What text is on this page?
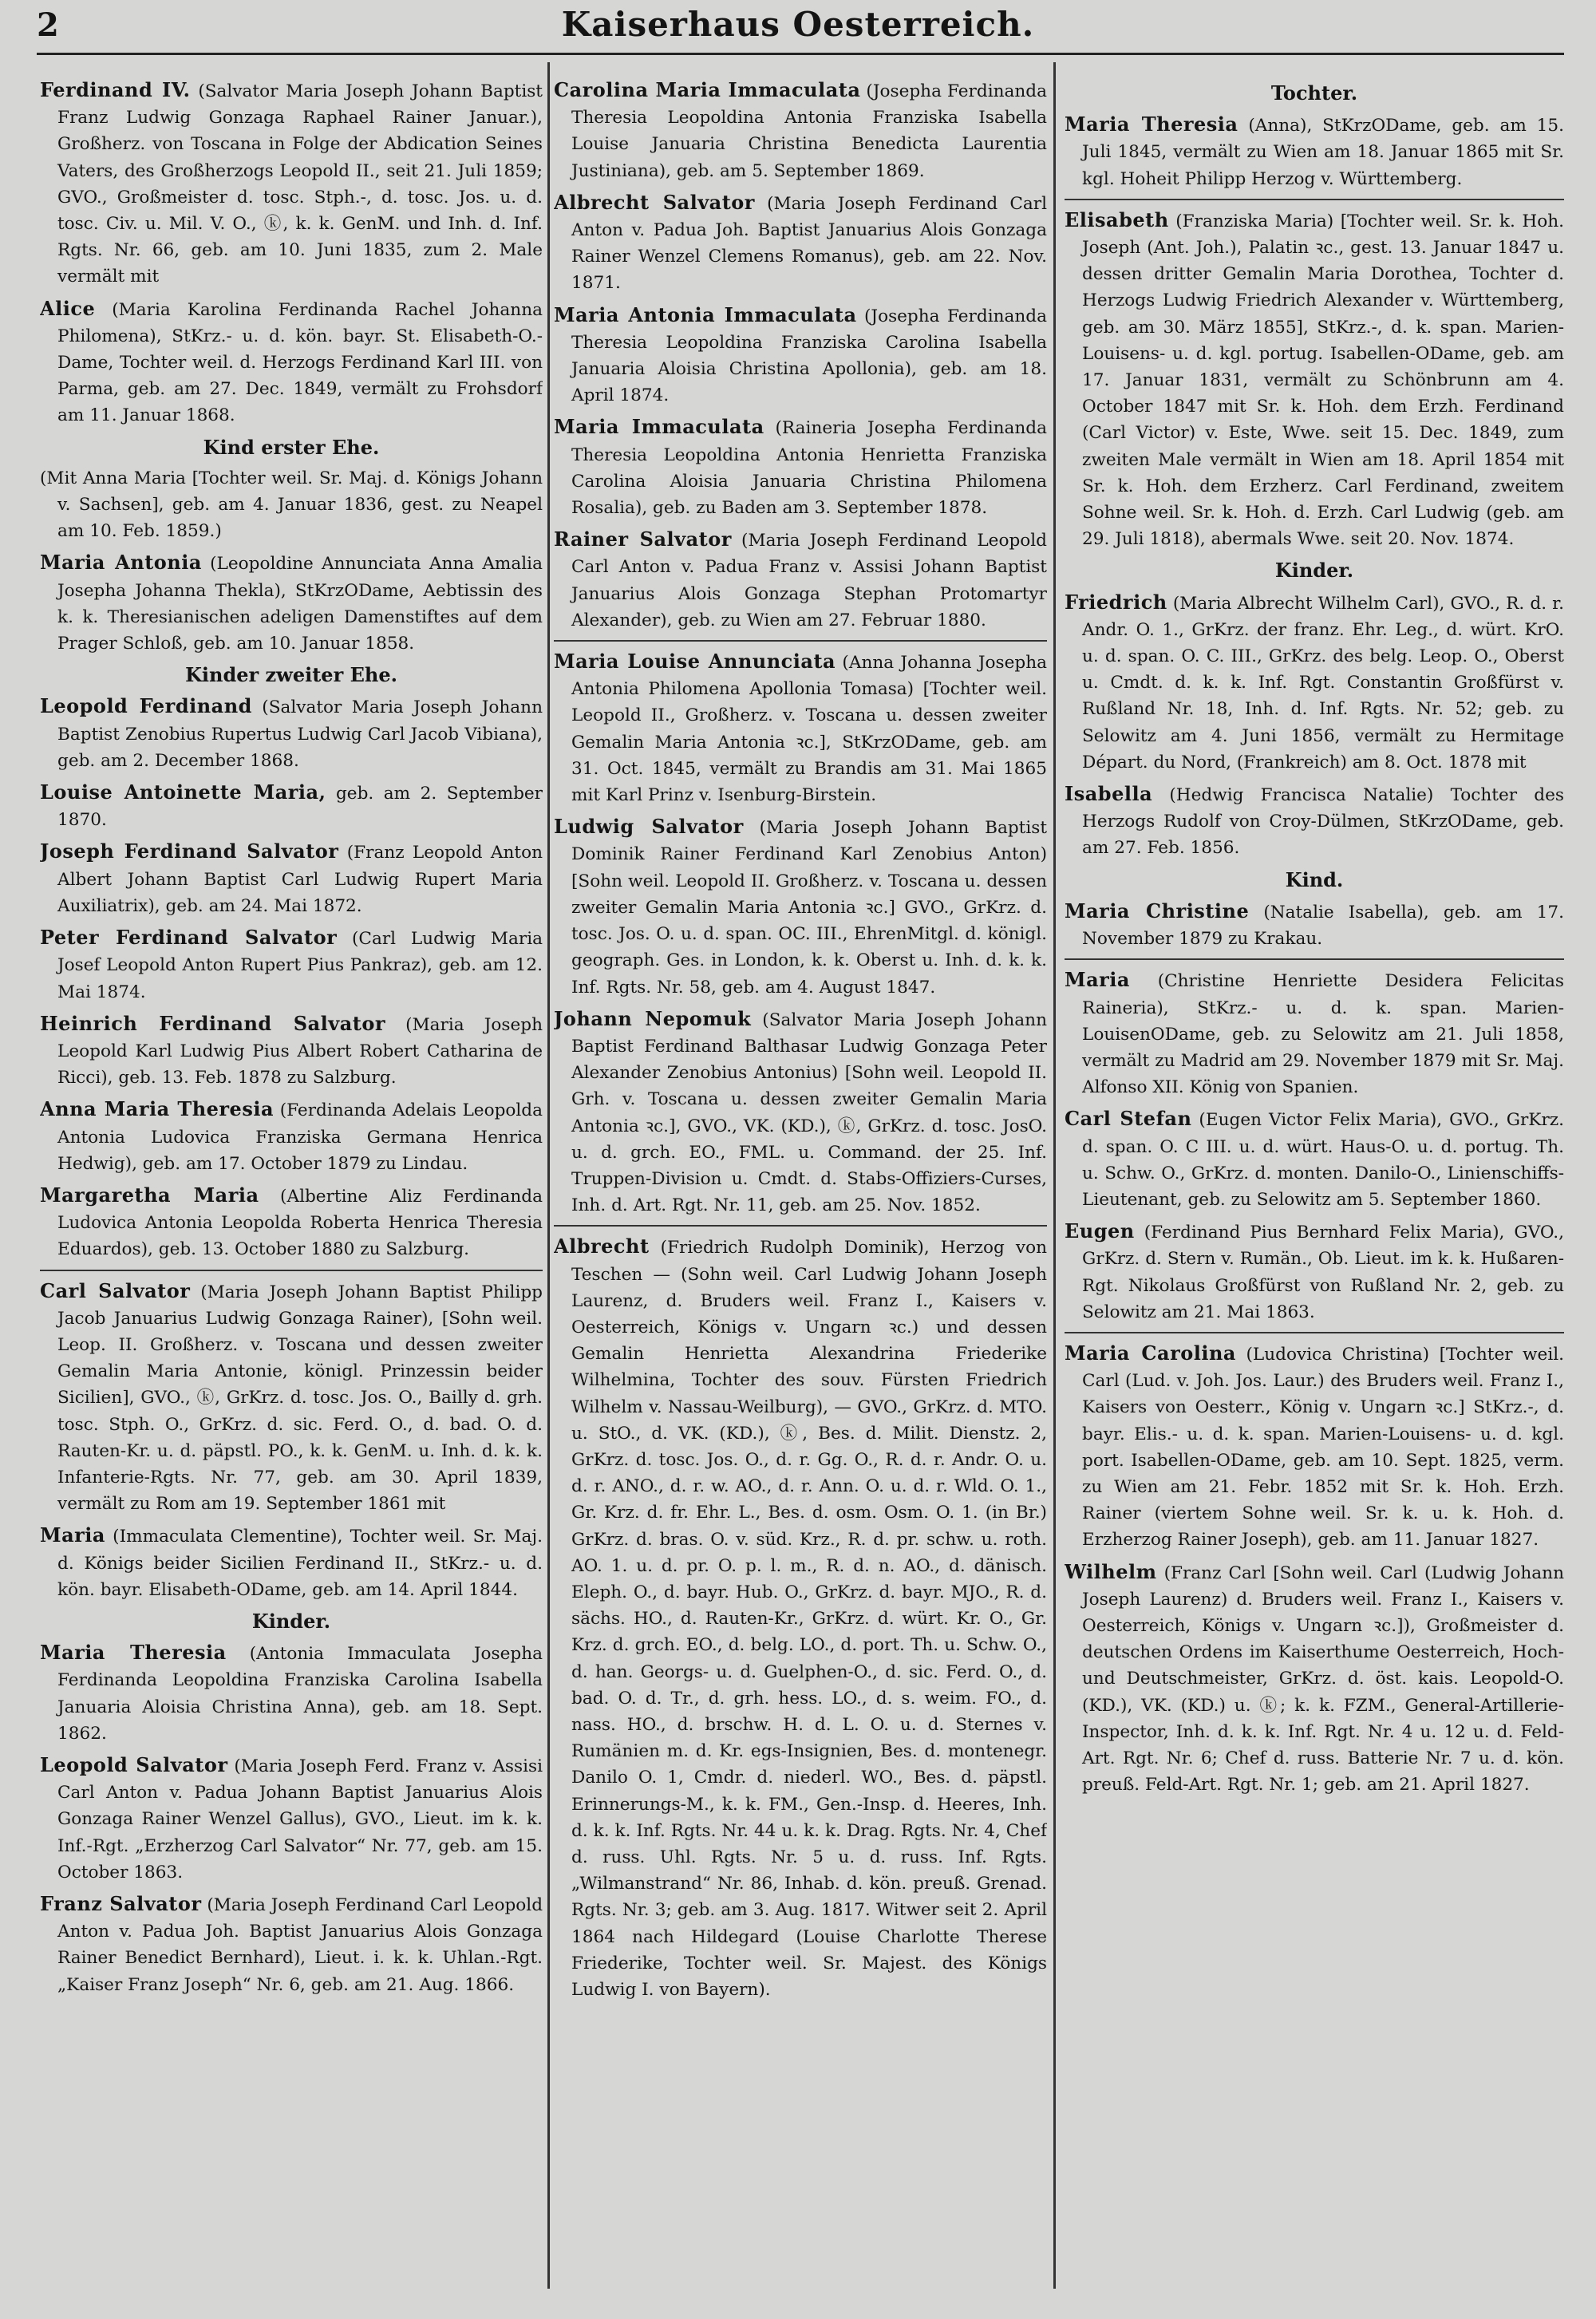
2	Kaiserhaus Oesterreich.

Ferdinand IV. (Salvator Maria Joseph Johann Baptist Franz Ludwig Gonzaga Raphael Rainer Januar.), Großherz. von Toscana in Folge der Abdication Seines Vaters, des Großherzogs Leopold II., seit 21. Juli 1859; GVO., Großmeister d. tosc. Stph.-, d. tosc. Jos. u. d. tosc. Civ. u. Mil. V. O., ⓚ, k. k. GenM. und Inh. d. Inf. Rgts. Nr. 66, geb. am 10. Juni 1835, zum 2. Male vermält mit

Alice (Maria Karolina Ferdinanda Rachel Johanna Philomena), StKrz.- u. d. kön. bayr. St. Elisabeth-O.-Dame, Tochter weil. d. Herzogs Ferdinand Karl III. von Parma, geb. am 27. Dec. 1849, vermält zu Frohsdorf am 11. Januar 1868.

Kind erster Ehe.

(Mit Anna Maria [Tochter weil. Sr. Maj. d. Königs Johann v. Sachsen], geb. am 4. Januar 1836, gest. zu Neapel am 10. Feb. 1859.)

Maria Antonia (Leopoldine Annunciata Anna Amalia Josepha Johanna Thekla), StKrzODame, Aebtissin des k. k. Theresianischen adeligen Damenstiftes auf dem Prager Schloß, geb. am 10. Januar 1858.

Kinder zweiter Ehe.

Leopold Ferdinand (Salvator Maria Joseph Johann Baptist Zenobius Rupertus Ludwig Carl Jacob Vibiana), geb. am 2. December 1868.

Louise Antoinette Maria, geb. am 2. September 1870.

Joseph Ferdinand Salvator (Franz Leopold Anton Albert Johann Baptist Carl Ludwig Rupert Maria Auxiliatrix), geb. am 24. Mai 1872.

Peter Ferdinand Salvator (Carl Ludwig Maria Josef Leopold Anton Rupert Pius Pankraz), geb. am 12. Mai 1874.

Heinrich Ferdinand Salvator (Maria Joseph Leopold Karl Ludwig Pius Albert Robert Catharina de Ricci), geb. 13. Feb. 1878 zu Salzburg.

Anna Maria Theresia (Ferdinanda Adelais Leopolda Antonia Ludovica Franziska Germana Henrica Hedwig), geb. am 17. October 1879 zu Lindau.

Margaretha Maria (Albertine Aliz Ferdinanda Ludovica Antonia Leopolda Roberta Henrica Theresia Eduardos), geb. 13. October 1880 zu Salzburg.

Carl Salvator (Maria Joseph Johann Baptist Philipp Jacob Januarius Ludwig Gonzaga Rainer), [Sohn weil. Leop. II. Großherz. v. Toscana und dessen zweiter Gemalin Maria Antonie, königl. Prinzessin beider Sicilien], GVO., ⓚ, GrKrz. d. tosc. Jos. O., Bailly d. grh. tosc. Stph. O., GrKrz. d. sic. Ferd. O., d. bad. O. d. Rauten-Kr. u. d. päpstl. PO., k. k. GenM. u. Inh. d. k. k. Infanterie-Rgts. Nr. 77, geb. am 30. April 1839, vermält zu Rom am 19. September 1861 mit

Maria (Immaculata Clementine), Tochter weil. Sr. Maj. d. Königs beider Sicilien Ferdinand II., StKrz.- u. d. kön. bayr. Elisabeth-ODame, geb. am 14. April 1844.

Kinder.

Maria Theresia (Antonia Immaculata Josepha Ferdinanda Leopoldina Franziska Carolina Isabella Januaria Aloisia Christina Anna), geb. am 18. Sept. 1862.

Leopold Salvator (Maria Joseph Ferd. Franz v. Assisi Carl Anton v. Padua Johann Baptist Januarius Alois Gonzaga Rainer Wenzel Gallus), GVO., Lieut. im k. k. Inf.-Rgt. „Erzherzog Carl Salvator“ Nr. 77, geb. am 15. October 1863.

Franz Salvator (Maria Joseph Ferdinand Carl Leopold Anton v. Padua Joh. Baptist Januarius Alois Gonzaga Rainer Benedict Bernhard), Lieut. i. k. k. Uhlan.-Rgt. „Kaiser Franz Joseph“ Nr. 6, geb. am 21. Aug. 1866.

Carolina Maria Immaculata (Josepha Ferdinanda Theresia Leopoldina Antonia Franziska Isabella Louise Januaria Christina Benedicta Laurentia Justiniana), geb. am 5. September 1869.

Albrecht Salvator (Maria Joseph Ferdinand Carl Anton v. Padua Joh. Baptist Januarius Alois Gonzaga Rainer Wenzel Clemens Romanus), geb. am 22. Nov. 1871.

Maria Antonia Immaculata (Josepha Ferdinanda Theresia Leopoldina Franziska Carolina Isabella Januaria Aloisia Christina Apollonia), geb. am 18. April 1874.

Maria Immaculata (Raineria Josepha Ferdinanda Theresia Leopoldina Antonia Henrietta Franziska Carolina Aloisia Januaria Christina Philomena Rosalia), geb. zu Baden am 3. September 1878.

Rainer Salvator (Maria Joseph Ferdinand Leopold Carl Anton v. Padua Franz v. Assisi Johann Baptist Januarius Alois Gonzaga Stephan Protomartyr Alexander), geb. zu Wien am 27. Februar 1880.

Maria Louise Annunciata (Anna Johanna Josepha Antonia Philomena Apollonia Tomasa) [Tochter weil. Leopold II., Großherz. v. Toscana u. dessen zweiter Gemalin Maria Antonia ꝛc.], StKrzODame, geb. am 31. Oct. 1845, vermält zu Brandis am 31. Mai 1865 mit Karl Prinz v. Isenburg-Birstein.

Ludwig Salvator (Maria Joseph Johann Baptist Dominik Rainer Ferdinand Karl Zenobius Anton) [Sohn weil. Leopold II. Großherz. v. Toscana u. dessen zweiter Gemalin Maria Antonia ꝛc.] GVO., GrKrz. d. tosc. Jos. O. u. d. span. OC. III., EhrenMitgl. d. königl. geograph. Ges. in London, k. k. Oberst u. Inh. d. k. k. Inf. Rgts. Nr. 58, geb. am 4. August 1847.

Johann Nepomuk (Salvator Maria Joseph Johann Baptist Ferdinand Balthasar Ludwig Gonzaga Peter Alexander Zenobius Antonius) [Sohn weil. Leopold II. Grh. v. Toscana u. dessen zweiter Gemalin Maria Antonia ꝛc.], GVO., VK. (KD.), ⓚ, GrKrz. d. tosc. JosO. u. d. grch. EO., FML. u. Command. der 25. Inf. Truppen-Division u. Cmdt. d. Stabs-Offiziers-Curses, Inh. d. Art. Rgt. Nr. 11, geb. am 25. Nov. 1852.

Albrecht (Friedrich Rudolph Dominik), Herzog von Teschen — (Sohn weil. Carl Ludwig Johann Joseph Laurenz, d. Bruders weil. Franz I., Kaisers v. Oesterreich, Königs v. Ungarn ꝛc.) und dessen Gemalin Henrietta Alexandrina Friederike Wilhelmina, Tochter des souv. Fürsten Friedrich Wilhelm v. Nassau-Weilburg), — GVO., GrKrz. d. MTO. u. StO., d. VK. (KD.), ⓚ, Bes. d. Milit. Dienstz. 2, GrKrz. d. tosc. Jos. O., d. r. Gg. O., R. d. r. Andr. O. u. d. r. ANO., d. r. w. AO., d. r. Ann. O. u. d. r. Wld. O. 1., Gr. Krz. d. fr. Ehr. L., Bes. d. osm. Osm. O. 1. (in Br.) GrKrz. d. bras. O. v. süd. Krz., R. d. pr. schw. u. roth. AO. 1. u. d. pr. O. p. l. m., R. d. n. AO., d. dänisch. Eleph. O., d. bayr. Hub. O., GrKrz. d. bayr. MJO., R. d. sächs. HO., d. Rauten-Kr., GrKrz. d. würt. Kr. O., Gr. Krz. d. grch. EO., d. belg. LO., d. port. Th. u. Schw. O., d. han. Georgs- u. d. Guelphen-O., d. sic. Ferd. O., d. bad. O. d. Tr., d. grh. hess. LO., d. s. weim. FO., d. nass. HO., d. brschw. H. d. L. O. u. d. Sternes v. Rumänien m. d. Kr. egs-Insignien, Bes. d. montenegr. Danilo O. 1, Cmdr. d. niederl. WO., Bes. d. päpstl. Erinnerungs-M., k. k. FM., Gen.-Insp. d. Heeres, Inh. d. k. k. Inf. Rgts. Nr. 44 u. k. k. Drag. Rgts. Nr. 4, Chef d. russ. Uhl. Rgts. Nr. 5 u. d. russ. Inf. Rgts. „Wilmanstrand“ Nr. 86, Inhab. d. kön. preuß. Grenad. Rgts. Nr. 3; geb. am 3. Aug. 1817. Witwer seit 2. April 1864 nach Hildegard (Louise Charlotte Therese Friederike, Tochter weil. Sr. Majest. des Königs Ludwig I. von Bayern).

Tochter.

Maria Theresia (Anna), StKrzODame, geb. am 15. Juli 1845, vermält zu Wien am 18. Januar 1865 mit Sr. kgl. Hoheit Philipp Herzog v. Württemberg.

Elisabeth (Franziska Maria) [Tochter weil. Sr. k. Hoh. Joseph (Ant. Joh.), Palatin ꝛc., gest. 13. Januar 1847 u. dessen dritter Gemalin Maria Dorothea, Tochter d. Herzogs Ludwig Friedrich Alexander v. Württemberg, geb. am 30. März 1855], StKrz.-, d. k. span. Marien-Louisens- u. d. kgl. portug. Isabellen-ODame, geb. am 17. Januar 1831, vermält zu Schönbrunn am 4. October 1847 mit Sr. k. Hoh. dem Erzh. Ferdinand (Carl Victor) v. Este, Wwe. seit 15. Dec. 1849, zum zweiten Male vermält in Wien am 18. April 1854 mit Sr. k. Hoh. dem Erzherz. Carl Ferdinand, zweitem Sohne weil. Sr. k. Hoh. d. Erzh. Carl Ludwig (geb. am 29. Juli 1818), abermals Wwe. seit 20. Nov. 1874.

Kinder.

Friedrich (Maria Albrecht Wilhelm Carl), GVO., R. d. r. Andr. O. 1., GrKrz. der franz. Ehr. Leg., d. würt. KrO. u. d. span. O. C. III., GrKrz. des belg. Leop. O., Oberst u. Cmdt. d. k. k. Inf. Rgt. Constantin Großfürst v. Rußland Nr. 18, Inh. d. Inf. Rgts. Nr. 52; geb. zu Selowitz am 4. Juni 1856, vermält zu Hermitage Départ. du Nord, (Frankreich) am 8. Oct. 1878 mit

Isabella (Hedwig Francisca Natalie) Tochter des Herzogs Rudolf von Croy-Dülmen, StKrzODame, geb. am 27. Feb. 1856.

Kind.

Maria Christine (Natalie Isabella), geb. am 17. November 1879 zu Krakau.

Maria (Christine Henriette Desidera Felicitas Raineria), StKrz.- u. d. k. span. Marien-LouisenODame, geb. zu Selowitz am 21. Juli 1858, vermält zu Madrid am 29. November 1879 mit Sr. Maj. Alfonso XII. König von Spanien.

Carl Stefan (Eugen Victor Felix Maria), GVO., GrKrz. d. span. O. C III. u. d. würt. Haus-O. u. d. portug. Th. u. Schw. O., GrKrz. d. monten. Danilo-O., Linienschiffs-Lieutenant, geb. zu Selowitz am 5. September 1860.

Eugen (Ferdinand Pius Bernhard Felix Maria), GVO., GrKrz. d. Stern v. Rumän., Ob. Lieut. im k. k. Hußaren-Rgt. Nikolaus Großfürst von Rußland Nr. 2, geb. zu Selowitz am 21. Mai 1863.

Maria Carolina (Ludovica Christina) [Tochter weil. Carl (Lud. v. Joh. Jos. Laur.) des Bruders weil. Franz I., Kaisers von Oesterr., König v. Ungarn ꝛc.] StKrz.-, d. bayr. Elis.- u. d. k. span. Marien-Louisens- u. d. kgl. port. Isabellen-ODame, geb. am 10. Sept. 1825, verm. zu Wien am 21. Febr. 1852 mit Sr. k. Hoh. Erzh. Rainer (viertem Sohne weil. Sr. k. u. k. Hoh. d. Erzherzog Rainer Joseph), geb. am 11. Januar 1827.

Wilhelm (Franz Carl [Sohn weil. Carl (Ludwig Johann Joseph Laurenz) d. Bruders weil. Franz I., Kaisers v. Oesterreich, Königs v. Ungarn ꝛc.]), Großmeister d. deutschen Ordens im Kaiserthume Oesterreich, Hoch- und Deutschmeister, GrKrz. d. öst. kais. Leopold-O. (KD.), VK. (KD.) u. ⓚ; k. k. FZM., General-Artillerie-Inspector, Inh. d. k. k. Inf. Rgt. Nr. 4 u. 12 u. d. Feld-Art. Rgt. Nr. 6; Chef d. russ. Batterie Nr. 7 u. d. kön. preuß. Feld-Art. Rgt. Nr. 1; geb. am 21. April 1827.
